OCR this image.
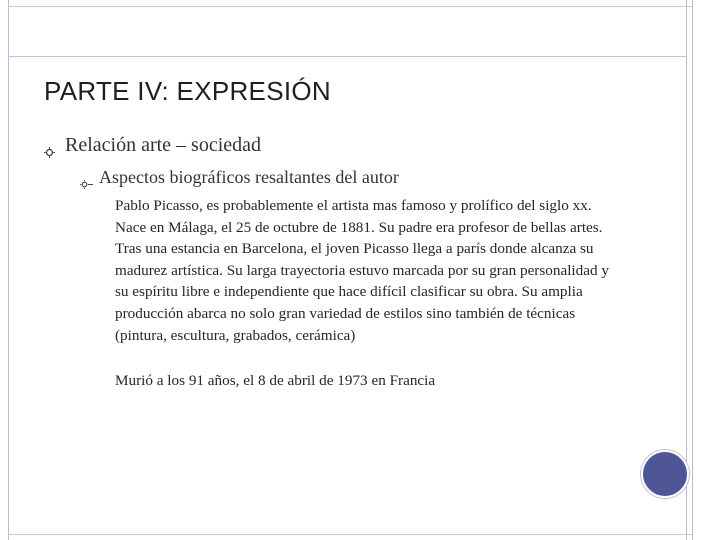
PARTE IV: EXPRESIÓN
Relación arte – sociedad
Aspectos biográficos resaltantes del autor

Pablo Picasso, es probablemente el artista mas famoso y prolífico del siglo xx. Nace en Málaga, el 25 de octubre de 1881. Su padre era profesor de bellas artes. Tras una estancia en Barcelona, el joven Picasso llega a parís donde alcanza su madurez artística. Su larga trayectoria estuvo marcada por su gran personalidad y su espíritu libre e independiente que hace difícil clasificar su obra. Su amplia producción abarca no solo gran variedad de estilos sino también de técnicas (pintura, escultura, grabados, cerámica)

Murió a los 91 años, el 8 de abril de 1973 en Francia
